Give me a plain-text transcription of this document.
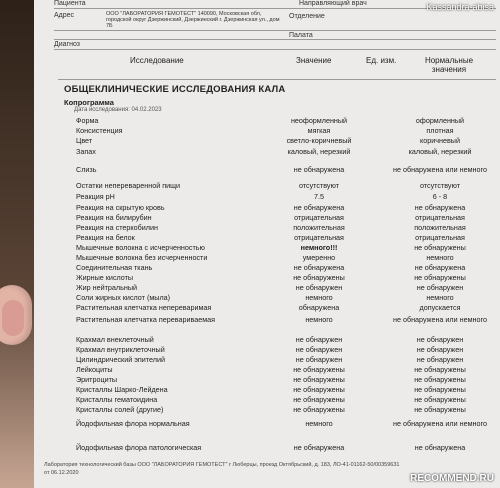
Пациента	Направляющий врач
Адрес	ООО "ЛАБОРАТОРИЯ ГЕМОТЕСТ" 140090, Московская обл, городской округ Дзержинский, Дзержинский г. Дзержинская ул., дом 7Б
Отделение
Палата
Диагноз
Исследование	Значение	Ед. изм.	Нормальные значения
ОБЩЕКЛИНИЧЕСКИЕ ИССЛЕДОВАНИЯ КАЛА
Копрограмма
Дата исследования: 04.02.2023
Форма	неоформленный	оформленный
Консистенция	мягкая	плотная
Цвет	светло-коричневый	коричневый
Запах	каловый, нерезкий	каловый, нерезкий
Слизь	не обнаружена	не обнаружена или немного
Остатки непереваренной пищи	отсутствуют	отсутствуют
Реакция pH	7.5	6 - 8
Реакция на скрытую кровь	не обнаружена	не обнаружена
Реакция на билирубин	отрицательная	отрицательная
Реакция на стеркобилин	положительная	положительная
Реакция на белок	отрицательная	отрицательная
Мышечные волокна с исчерченностью	немного!!!	не обнаружены
Мышечные волокна без исчерченности	умеренно	немного
Соединительная ткань	не обнаружена	не обнаружена
Жирные кислоты	не обнаружены	не обнаружены
Жир нейтральный	не обнаружен	не обнаружен
Соли жирных кислот (мыла)	немного	немного
Растительная клетчатка непереваримая	обнаружена	допускается
Растительная клетчатка перевариваемая	немного	не обнаружена или немного
Крахмал внеклеточный	не обнаружен	не обнаружен
Крахмал внутриклеточный	не обнаружен	не обнаружен
Цилиндрический эпителий	не обнаружен	не обнаружен
Лейкоциты	не обнаружены	не обнаружены
Эритроциты	не обнаружены	не обнаружены
Кристаллы Шарко-Лейдена	не обнаружены	не обнаружены
Кристаллы гематоидина	не обнаружены	не обнаружены
Кристаллы солей (другие)	не обнаружены	не обнаружены
Йодофильная флора нормальная	немного	не обнаружена или немного
Йодофильная флора патологическая	не обнаружена	не обнаружена
Лаборатория технологический базы ООО "ЛАБОРАТОРИЯ ГЕМОТЕСТ" г Люберцы, проезд Октябрьский, д. 183, ЛО-41-01162-50/00359631
от 06.12.2020
Kassandra-abisa
RECOMMEND.RU
